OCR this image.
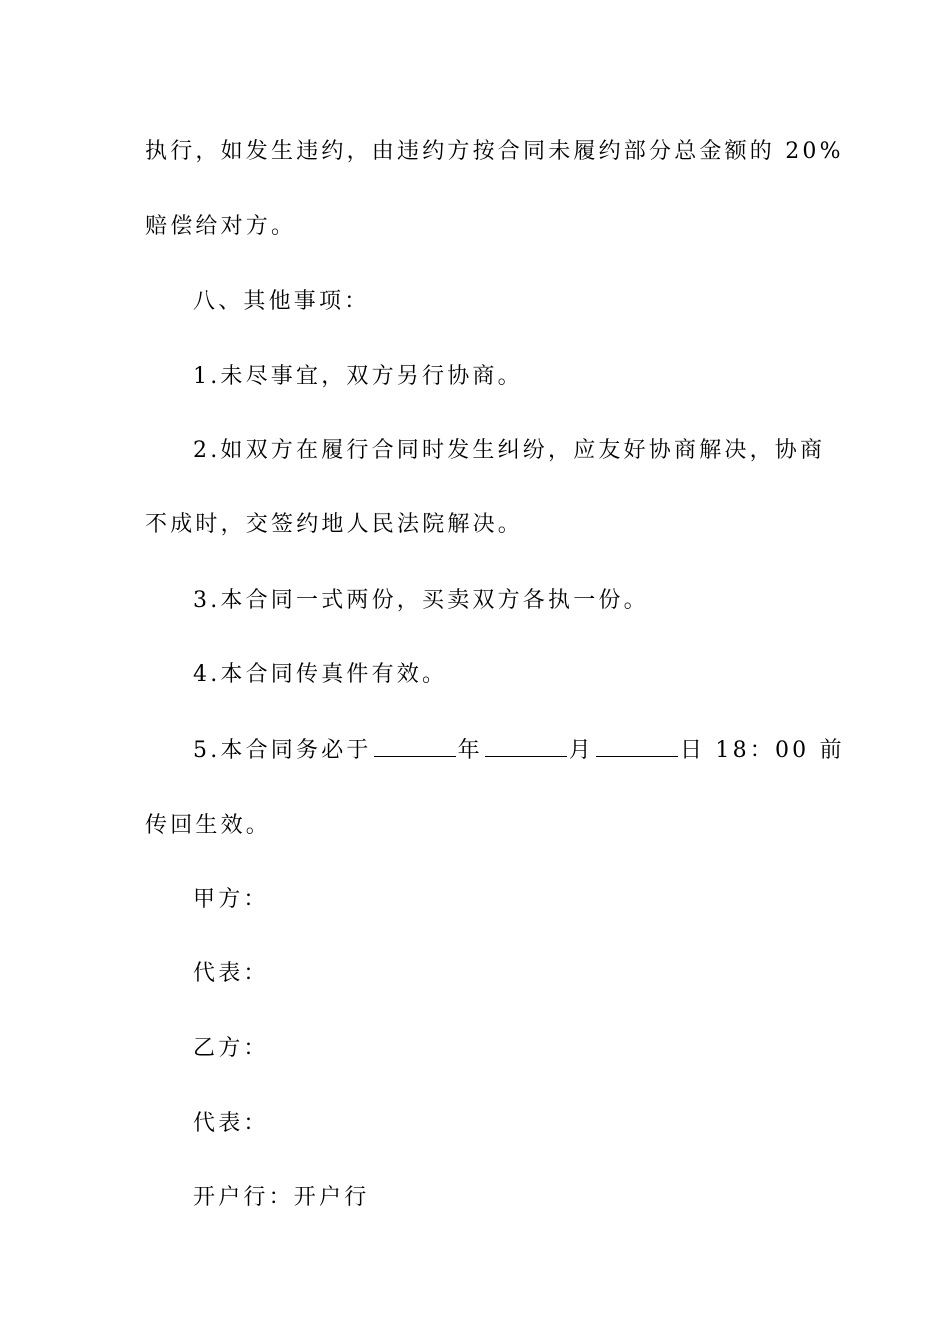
执行，如发生违约，由违约方按合同未履约部分总金额的 20%

赔偿给对方。

八、其他事项：

1.未尽事宜，双方另行协商。

2.如双方在履行合同时发生纠纷，应友好协商解决，协商

不成时，交签约地人民法院解决。

3.本合同一式两份，买卖双方各执一份。

4.本合同传真件有效。

5.本合同务必于	年	月	日 18：00 前

传回生效。

甲方：

代表：

乙方：

代表：

开户行：开户行
